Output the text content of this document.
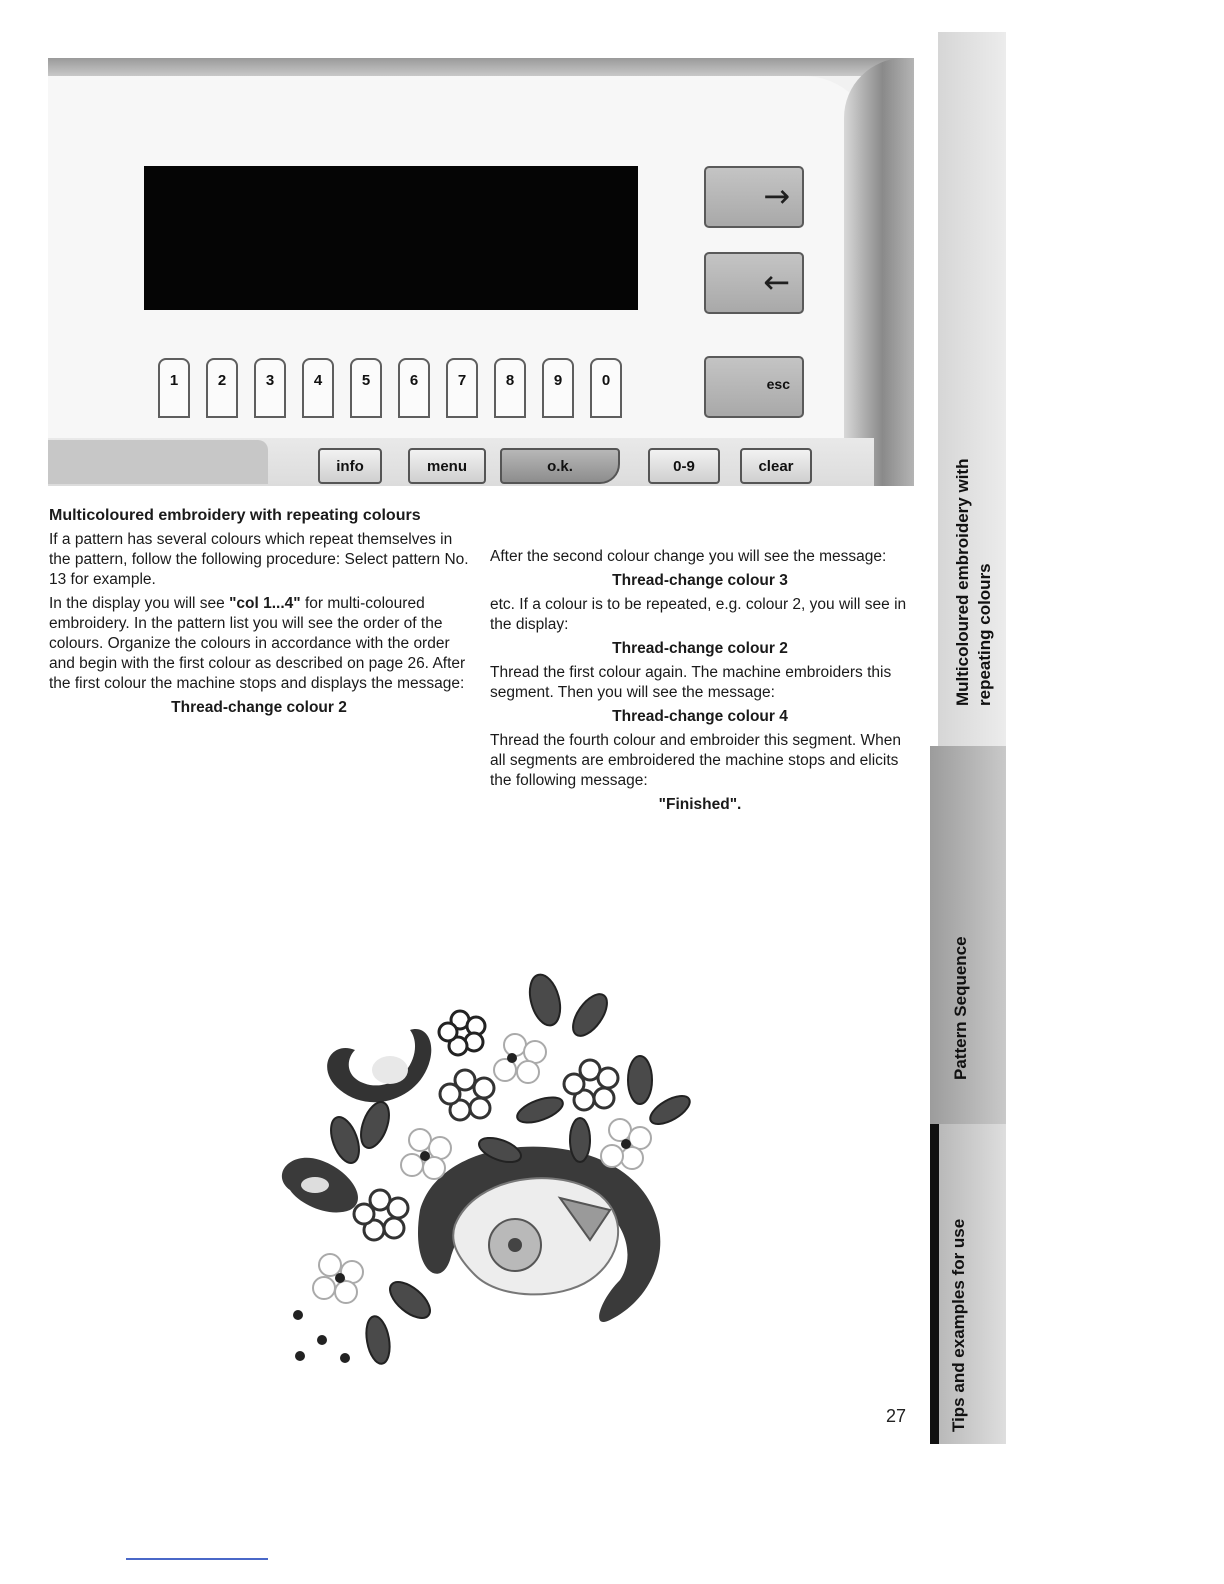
→
←
esc
1	2	3	4	5	6	7	8	9	0
info	menu	o.k.	0-9	clear

Multicoloured embroidery with repeating colours

If a pattern has several colours which repeat themselves in the pattern, follow the following procedure: Select pattern No. 13 for example.

In the display you will see "col 1...4" for multi-coloured embroidery. In the pattern list you will see the order of the colours. Organize the colours in accordance with the order and begin with the first colour as described on page 26. After the first colour the machine stops and displays the message:

Thread-change colour 2

After the second colour change you will see the message:

Thread-change colour 3

etc. If a colour is to be repeated, e.g. colour 2, you will see in the display:

Thread-change colour 2

Thread the first colour again. The machine embroiders this segment. Then you will see the message:

Thread-change colour 4

Thread the fourth colour and embroider this segment. When all segments are embroidered the machine stops and elicits the following message:

"Finished".

Multicoloured embroidery with repeating colours
Pattern Sequence
Tips and examples for use
27
